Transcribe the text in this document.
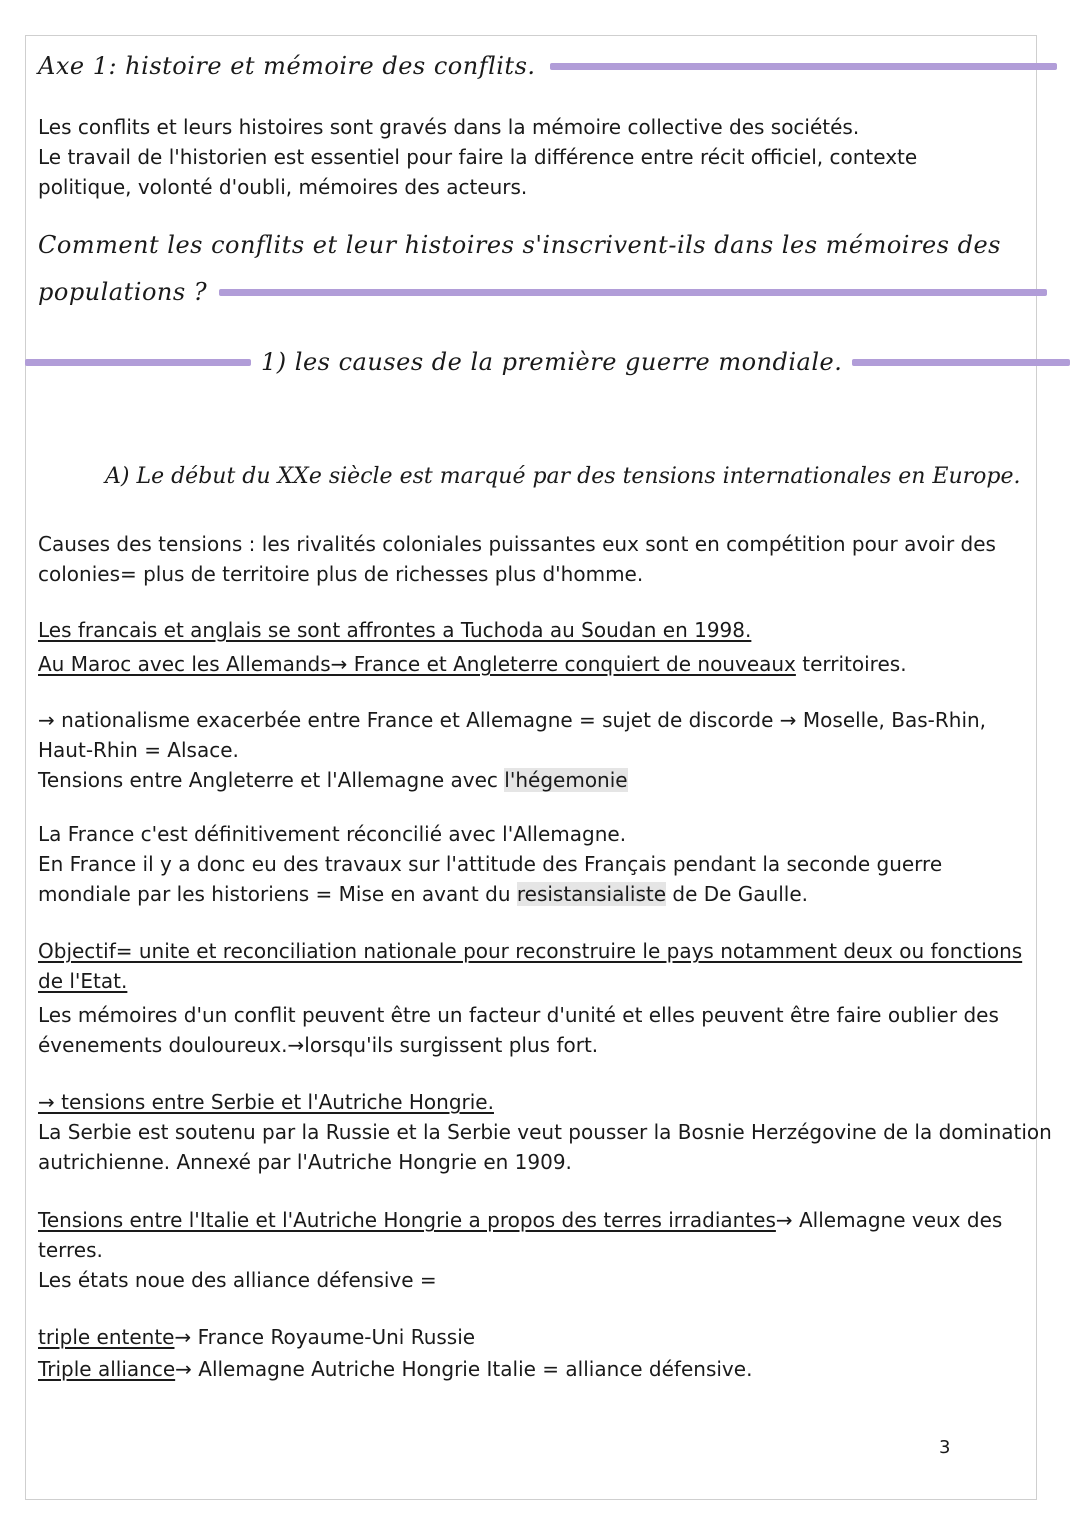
Axe 1: histoire et mémoire des conflits.
Les conflits et leurs histoires sont gravés dans la mémoire collective des sociétés.
Le travail de l'historien est essentiel pour faire la différence entre récit officiel, contexte
politique, volonté d'oubli, mémoires des acteurs.
Comment les conflits et leur histoires s'inscrivent-ils dans les mémoires des
populations ?
1) les causes de la première guerre mondiale.
A) Le début du XXe siècle est marqué par des tensions internationales en Europe.
Causes des tensions : les rivalités coloniales puissantes eux sont en compétition pour avoir des
colonies= plus de territoire plus de richesses plus d'homme.
Les francais et anglais se sont affrontes a Tuchoda au Soudan en 1998.
Au Maroc avec les Allemands→ France et Angleterre conquiert de nouveaux territoires.
→ nationalisme exacerbée entre France et Allemagne = sujet de discorde → Moselle, Bas-Rhin,
Haut-Rhin = Alsace.
Tensions entre Angleterre et l'Allemagne avec l'hégemonie
La France c'est définitivement réconcilié avec l'Allemagne.
En France il y a donc eu des travaux sur l'attitude des Français pendant la seconde guerre
mondiale par les historiens = Mise en avant du resistansialiste de De Gaulle.
Objectif= unite et reconciliation nationale pour reconstruire le pays notamment deux ou fonctions
de l'Etat.
Les mémoires d'un conflit peuvent être un facteur d'unité et elles peuvent être faire oublier des
évenements douloureux.→lorsqu'ils surgissent plus fort.
→ tensions entre Serbie et l'Autriche Hongrie.
La Serbie est soutenu par la Russie et la Serbie veut pousser la Bosnie Herzégovine de la domination
autrichienne. Annexé par l'Autriche Hongrie en 1909.
Tensions entre l'Italie et l'Autriche Hongrie a propos des terres irradiantes→ Allemagne veux des
terres.
Les états noue des alliance défensive =
triple entente→ France Royaume-Uni Russie
Triple alliance→ Allemagne Autriche Hongrie Italie = alliance défensive.
3
